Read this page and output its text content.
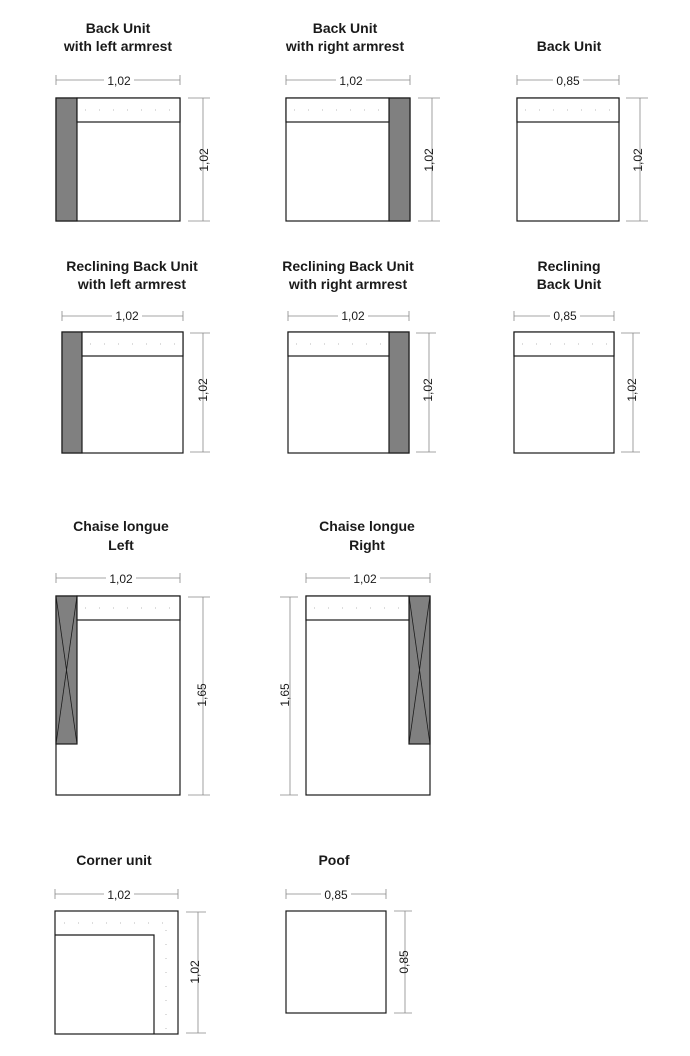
Back Unit
with left armrest
1,02
1,02
Back Unit
with right armrest
1,02
1,02
Back Unit
0,85
1,02
Reclining Back Unit
with left armrest
1,02
1,02
Reclining Back Unit
with right armrest
1,02
1,02
Reclining
Back Unit
0,85
1,02
Chaise longue
Left
1,02
1,65
Chaise longue
Right
1,02
1,65
Corner unit
1,02
1,02
Poof
0,85
0,85
